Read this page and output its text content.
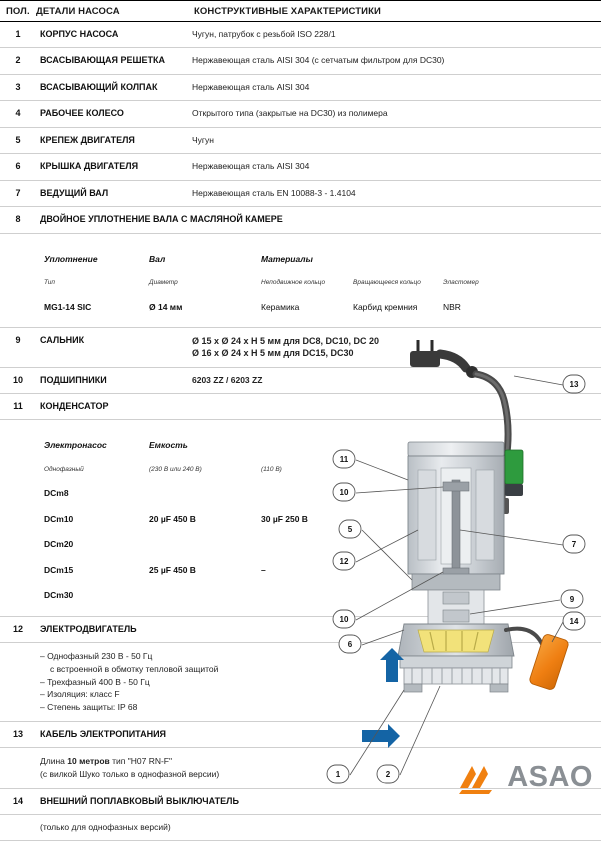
ПОЛ.	ДЕТАЛИ НАСОСА	КОНСТРУКТИВНЫЕ ХАРАКТЕРИСТИКИ
1	КОРПУС НАСОСА	Чугун, патрубок с резьбой ISO 228/1
2	ВСАСЫВАЮЩАЯ РЕШЕТКА	Нержавеющая сталь AISI 304 (с сетчатым фильтром для DC30)
3	ВСАСЫВАЮЩИЙ КОЛПАК	Нержавеющая сталь AISI 304
4	РАБОЧЕЕ КОЛЕСО	Открытого типа (закрытые на DC30) из полимера
5	КРЕПЕЖ ДВИГАТЕЛЯ	Чугун
6	КРЫШКА ДВИГАТЕЛЯ	Нержавеющая сталь AISI 304
7	ВЕДУЩИЙ ВАЛ	Нержавеющая сталь EN 10088-3 - 1.4104
8	ДВОЙНОЕ УПЛОТНЕНИЕ ВАЛА С МАСЛЯНОЙ КАМЕРЕ

Уплотнение	Вал	Материалы	
Тип	Диаметр	Неподвижное кольцо	Вращающееся кольцо	Эластомер
MG1-14 SIC	Ø 14 мм	Керамика	Карбид кремния	NBR

9	САЛЬНИК	Ø 15 x Ø 24 x H 5 мм для DC8, DC10, DC 20
Ø 16 x Ø 24 x H 5 мм для DC15, DC30

10	ПОДШИПНИКИ	6203 ZZ / 6203 ZZ
11	КОНДЕНСАТОР

Электронасос	Емкость	
Однофазный	(230 В или 240 В)	(110 В)
DCm8		
DCm10	20 µF 450 B	30 µF 250 B
DCm20		
DCm15	25 µF 450 B	–
DCm30		

12	ЭЛЕКТРОДВИГАТЕЛЬ

– Однофазный 230 В - 50 Гц
с встроенной в обмотку тепловой защитой
– Трехфазный 400 В - 50 Гц
– Изоляция: класс F
– Степень защиты: IP 68

13	КАБЕЛЬ ЭЛЕКТРОПИТАНИЯ

Длина 10 метров тип "H07 RN-F"
(с вилкой Шуко только в однофазной версии)

14	ВНЕШНИЙ ПОПЛАВКОВЫЙ ВЫКЛЮЧАТЕЛЬ
	(только для однофазных версий)
13
11
10
5
7
12
9
10	14
6
1	2	ASAO
